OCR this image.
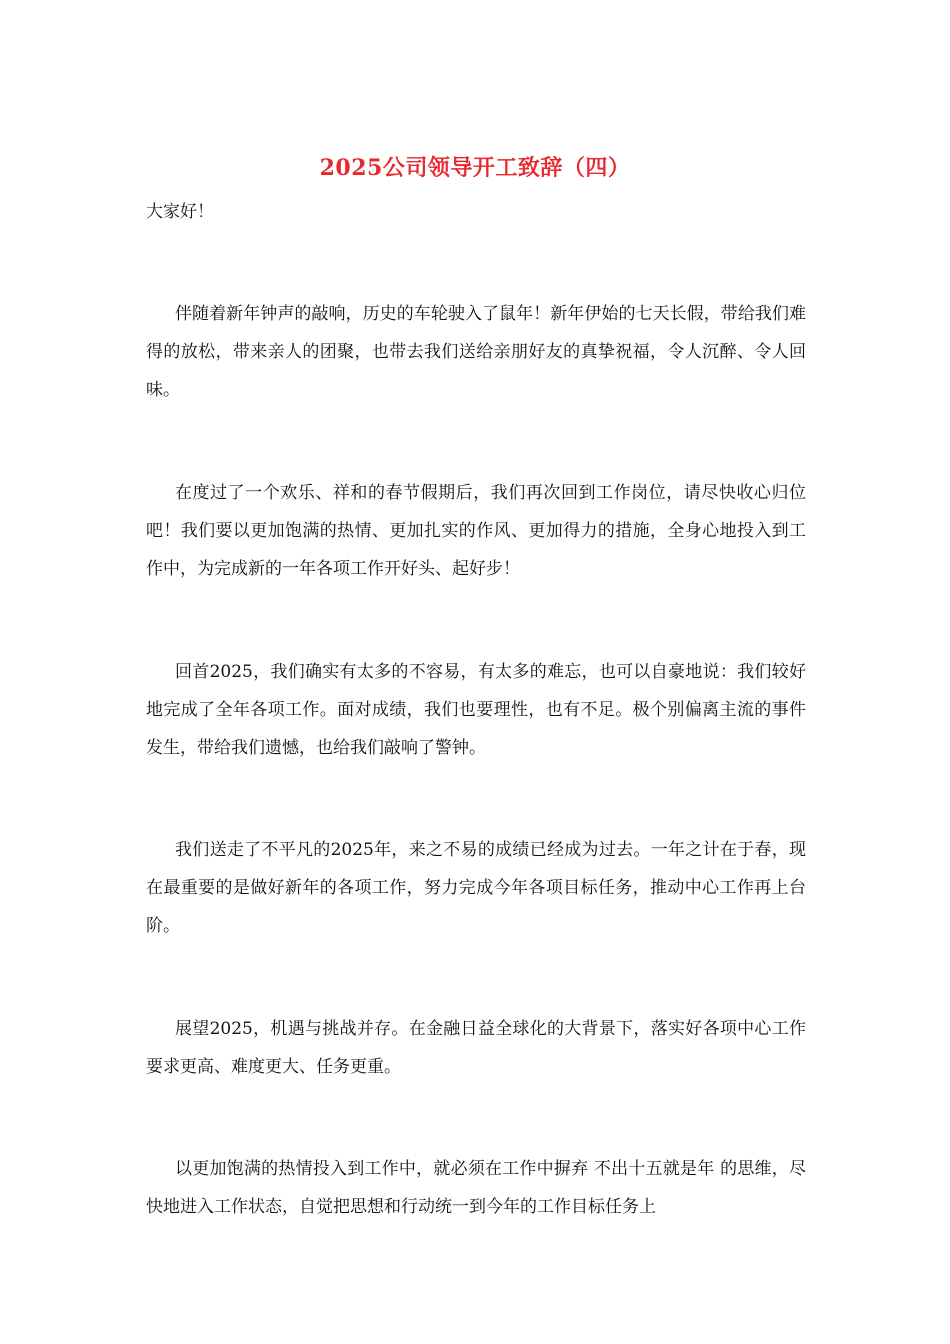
2025公司领导开工致辞（四）
大家好！

伴随着新年钟声的敲响，历史的车轮驶入了鼠年！新年伊始的七天长假，带给我们难得的放松，带来亲人的团聚，也带去我们送给亲朋好友的真挚祝福，令人沉醉、令人回味。

在度过了一个欢乐、祥和的春节假期后，我们再次回到工作岗位，请尽快收心归位吧！我们要以更加饱满的热情、更加扎实的作风、更加得力的措施，全身心地投入到工作中，为完成新的一年各项工作开好头、起好步！

回首2025，我们确实有太多的不容易，有太多的难忘，也可以自豪地说：我们较好地完成了全年各项工作。面对成绩，我们也要理性，也有不足。极个别偏离主流的事件发生，带给我们遗憾，也给我们敲响了警钟。

我们送走了不平凡的2025年，来之不易的成绩已经成为过去。一年之计在于春，现在最重要的是做好新年的各项工作，努力完成今年各项目标任务，推动中心工作再上台阶。

展望2025，机遇与挑战并存。在金融日益全球化的大背景下，落实好各项中心工作要求更高、难度更大、任务更重。

以更加饱满的热情投入到工作中，就必须在工作中摒弃 不出十五就是年 的思维，尽快地进入工作状态，自觉把思想和行动统一到今年的工作目标任务上
